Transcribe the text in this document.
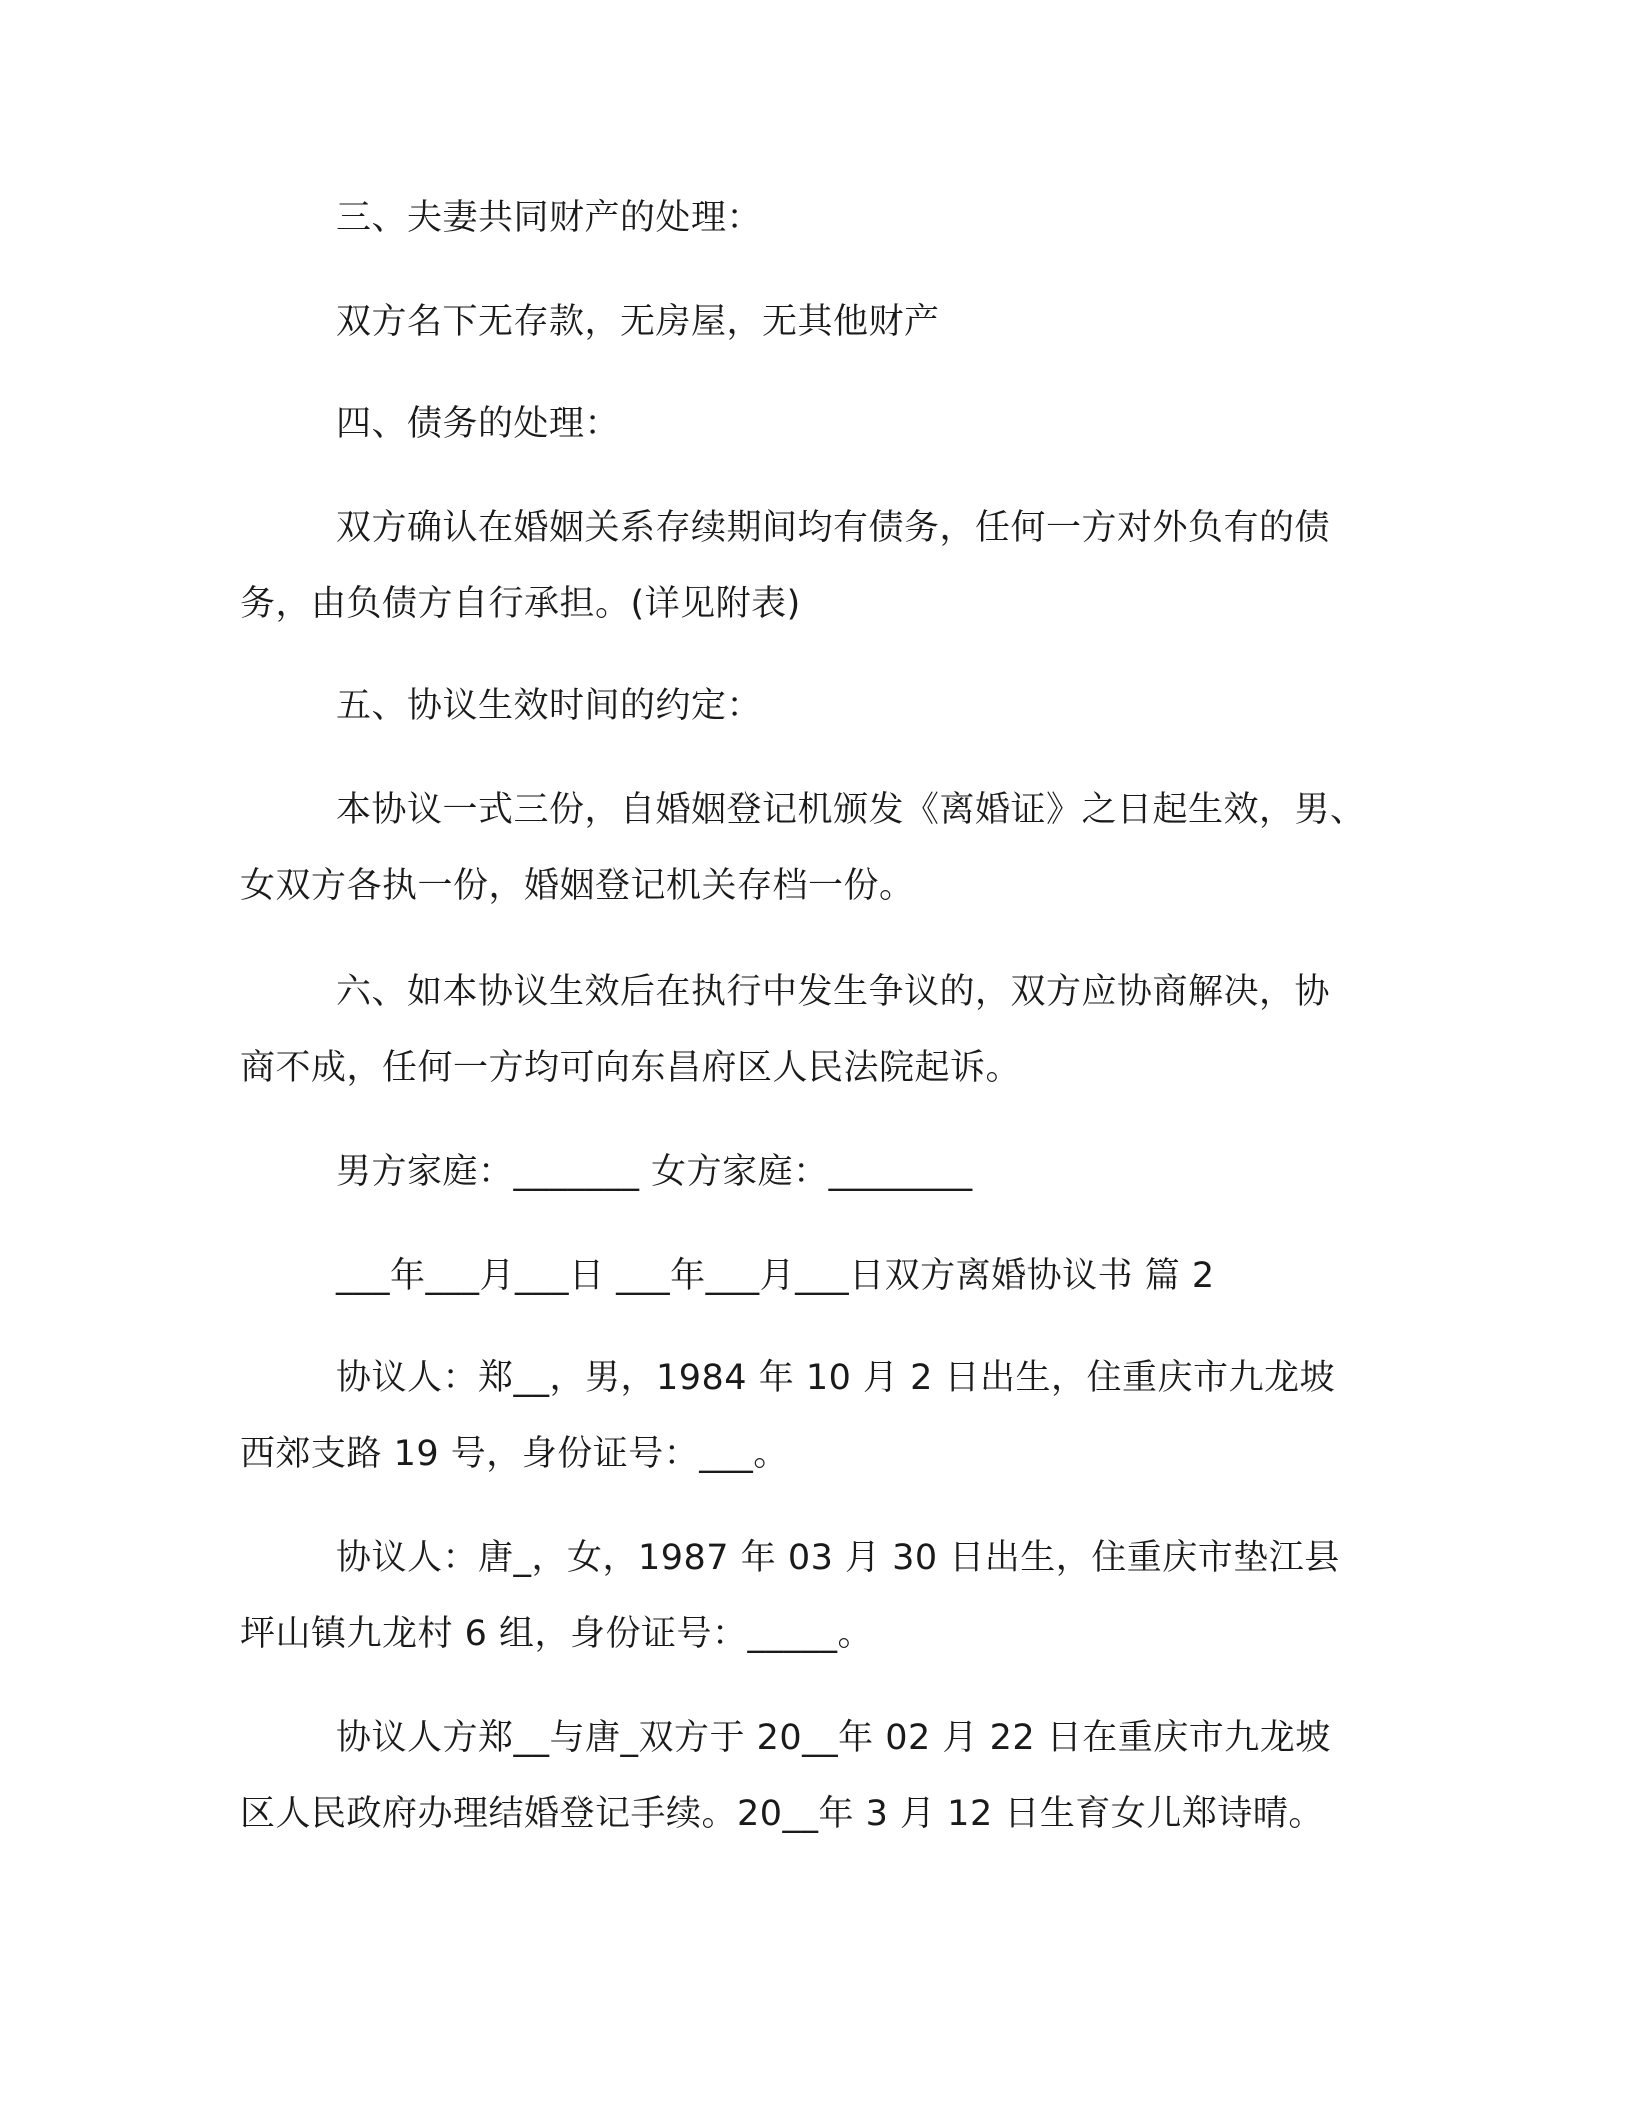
三、夫妻共同财产的处理：

双方名下无存款，无房屋，无其他财产

四、债务的处理：

双方确认在婚姻关系存续期间均有债务，任何一方对外负有的债
务，由负债方自行承担。(详见附表)

五、协议生效时间的约定：

本协议一式三份，自婚姻登记机颁发《离婚证》之日起生效，男、
女双方各执一份，婚姻登记机关存档一份。
六、如本协议生效后在执行中发生争议的，双方应协商解决，协
商不成，任何一方均可向东昌府区人民法院起诉。

男方家庭：_______ 女方家庭：________

___年___月___日 ___年___月___日双方离婚协议书 篇 2

协议人：郑__，男，1984 年 10 月 2 日出生，住重庆市九龙坡
西郊支路 19 号，身份证号：___。
协议人：唐_，女，1987 年 03 月 30 日出生，住重庆市垫江县
坪山镇九龙村 6 组，身份证号：_____。
协议人方郑__与唐_双方于 20__年 02 月 22 日在重庆市九龙坡
区人民政府办理结婚登记手续。20__年 3 月 12 日生育女儿郑诗晴。
